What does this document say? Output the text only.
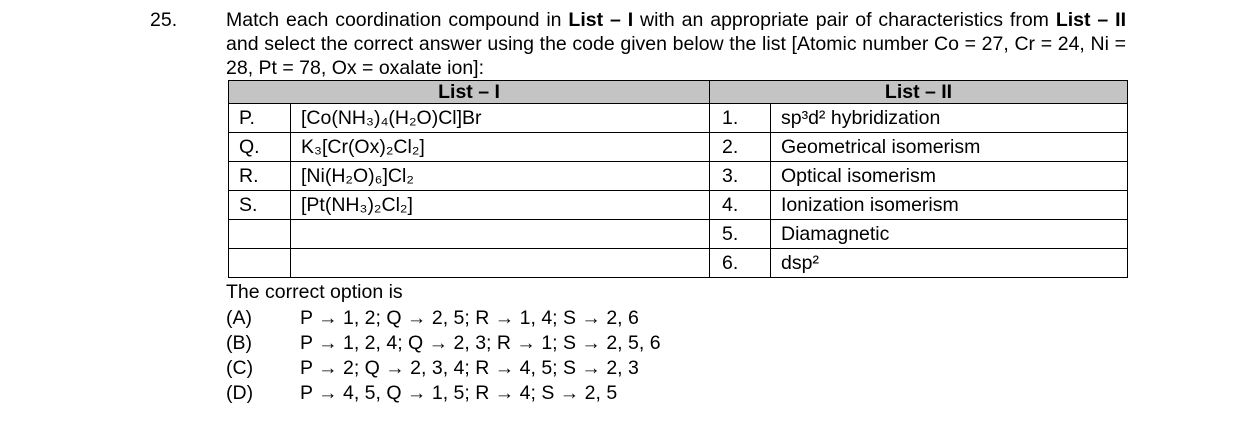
25.	Match each coordination compound in List – I with an appropriate pair of characteristics from List – II and select the correct answer using the code given below the list [Atomic number Co = 27, Cr = 24, Ni = 28, Pt = 78, Ox = oxalate ion]:
List – I		List – II	
P.	[Co(NH₃)₄(H₂O)Cl]Br	1.	sp³d² hybridization
Q.	K₃[Cr(Ox)₂Cl₂]	2.	Geometrical isomerism
R.	[Ni(H₂O)₆]Cl₂	3.	Optical isomerism
S.	[Pt(NH₃)₂Cl₂]	4.	Ionization isomerism
		5.	Diamagnetic
		6.	dsp²
The correct option is
(A) P → 1, 2; Q → 2, 5; R → 1, 4; S → 2, 6
(B) P → 1, 2, 4; Q → 2, 3; R → 1; S → 2, 5, 6
(C) P → 2; Q → 2, 3, 4; R → 4, 5; S → 2, 3
(D) P → 4, 5, Q → 1, 5; R → 4; S → 2, 5
